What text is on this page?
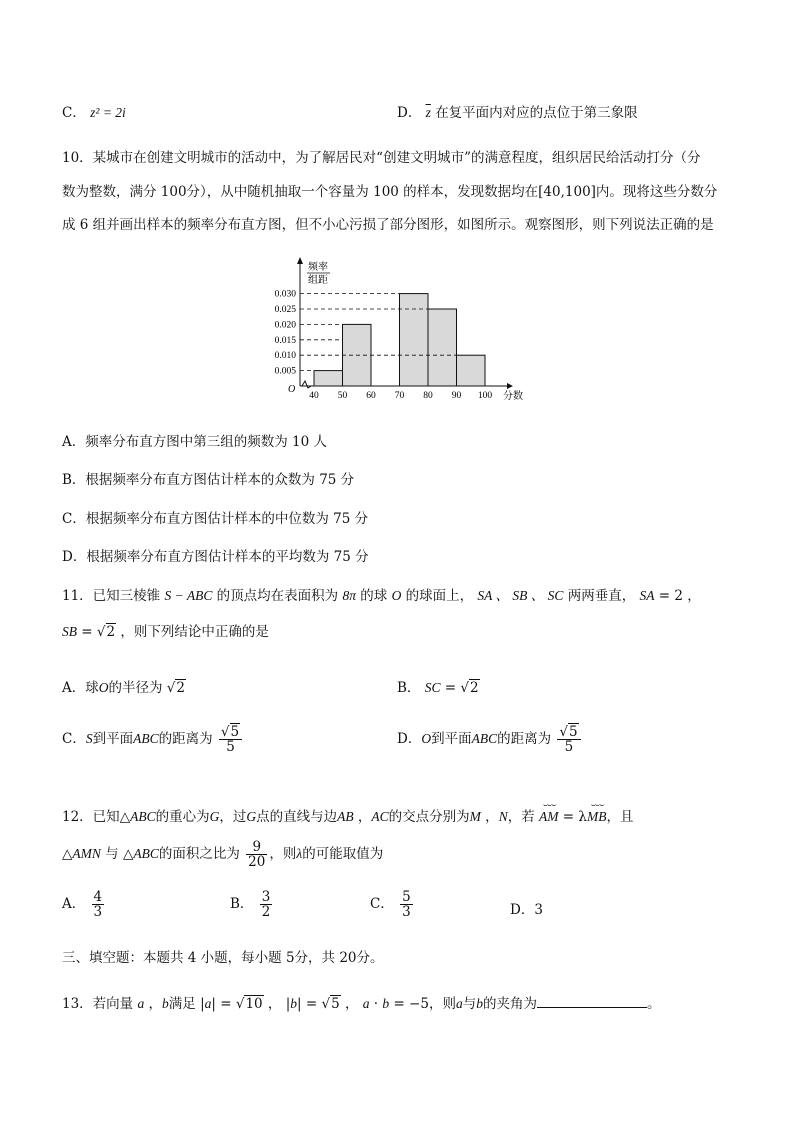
C． z² = 2i	D． $\overline{z}$ 在复平面内对应的点位于第三象限
10．某城市在创建文明城市的活动中，为了解居民对“创建文明城市”的满意程度，组织居民给活动打分（分
数为整数，满分 100分），从中随机抽取一个容量为 100 的样本，发现数据均在[40,100]内。现将这些分数分
成 6 组并画出样本的频率分布直方图，但不小心污损了部分图形，如图所示。观察图形，则下列说法正确的是
频率
组距
0.005
0.010
0.015
0.020
0.025
0.030
40 50 60 70 80 90 100
O
分数
A．频率分布直方图中第三组的频数为 10 人
B．根据频率分布直方图估计样本的众数为 75 分
C．根据频率分布直方图估计样本的中位数为 75 分
D．根据频率分布直方图估计样本的平均数为 75 分
11．已知三棱锥 S − ABC 的顶点均在表面积为 8π 的球 O 的球面上， SA 、 SB 、 SC 两两垂直， SA = 2 ，
SB = √2 ，则下列结论中正确的是
A．球O的半径为 √2	B． SC = √2
C．S到平面ABC的距离为 $\frac{√5}{5}$	D．O到平面ABC的距离为 $\frac{√5}{5}$
12．已知△ABC的重心为G，过G点的直线与边AB ，AC的交点分别为M ，N，若
⌣⌣⌣
AM = λ
⌣⌣⌣
MB，且
△AMN 与 △ABC的面积之比为 $\frac{9}{20}$ ，则λ的可能取值为
A． $\frac{4}{3}$	B． $\frac{3}{2}$	C． $\frac{5}{3}$	D．3
三、填空题：本题共 4 小题，每小题 5分，共 20分。
13．若向量 a ，b满足 |a| = √10 ， |b| = √5 ， a · b = −5，则a与b的夹角为	。
